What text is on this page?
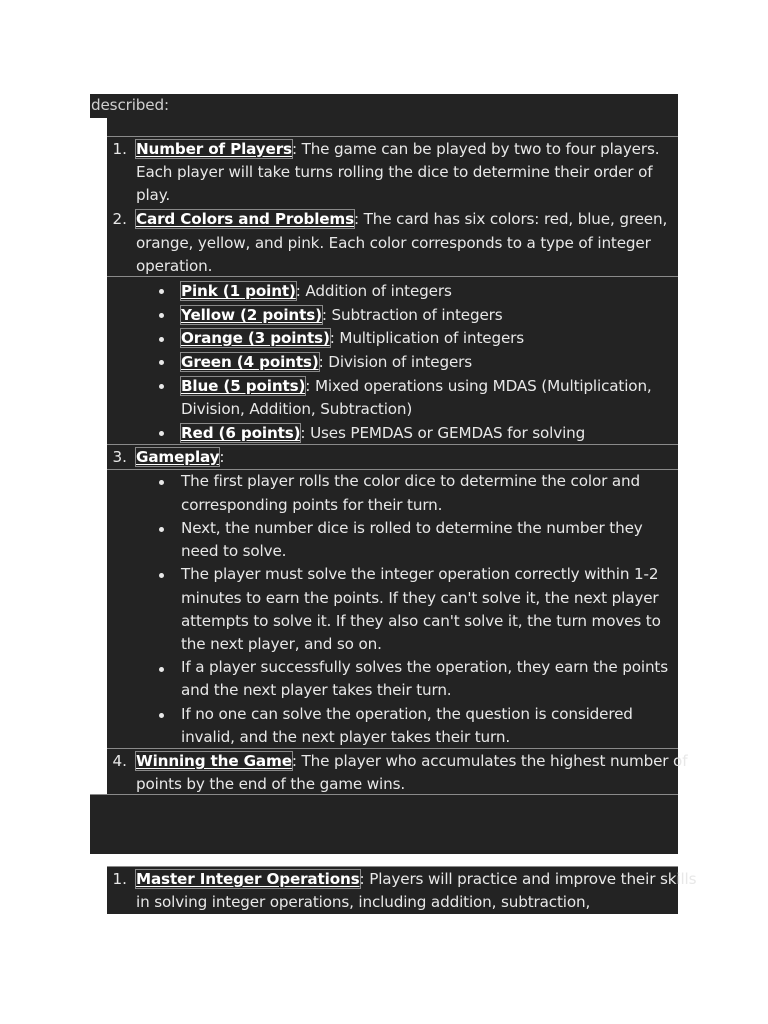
described:
1. Number of Players: The game can be played by two to four players.
Each player will take turns rolling the dice to determine their order of
play.
2. Card Colors and Problems: The card has six colors: red, blue, green,
orange, yellow, and pink. Each color corresponds to a type of integer
operation.
Pink (1 point): Addition of integers
Yellow (2 points): Subtraction of integers
Orange (3 points): Multiplication of integers
Green (4 points): Division of integers
Blue (5 points): Mixed operations using MDAS (Multiplication,
Division, Addition, Subtraction)
Red (6 points): Uses PEMDAS or GEMDAS for solving
3. Gameplay:
The first player rolls the color dice to determine the color and
corresponding points for their turn.
Next, the number dice is rolled to determine the number they
need to solve.
The player must solve the integer operation correctly within 1-2
minutes to earn the points. If they can't solve it, the next player
attempts to solve it. If they also can't solve it, the turn moves to
the next player, and so on.
If a player successfully solves the operation, they earn the points
and the next player takes their turn.
If no one can solve the operation, the question is considered
invalid, and the next player takes their turn.
4. Winning the Game: The player who accumulates the highest number of
points by the end of the game wins.
1. Master Integer Operations: Players will practice and improve their skills
in solving integer operations, including addition, subtraction,
